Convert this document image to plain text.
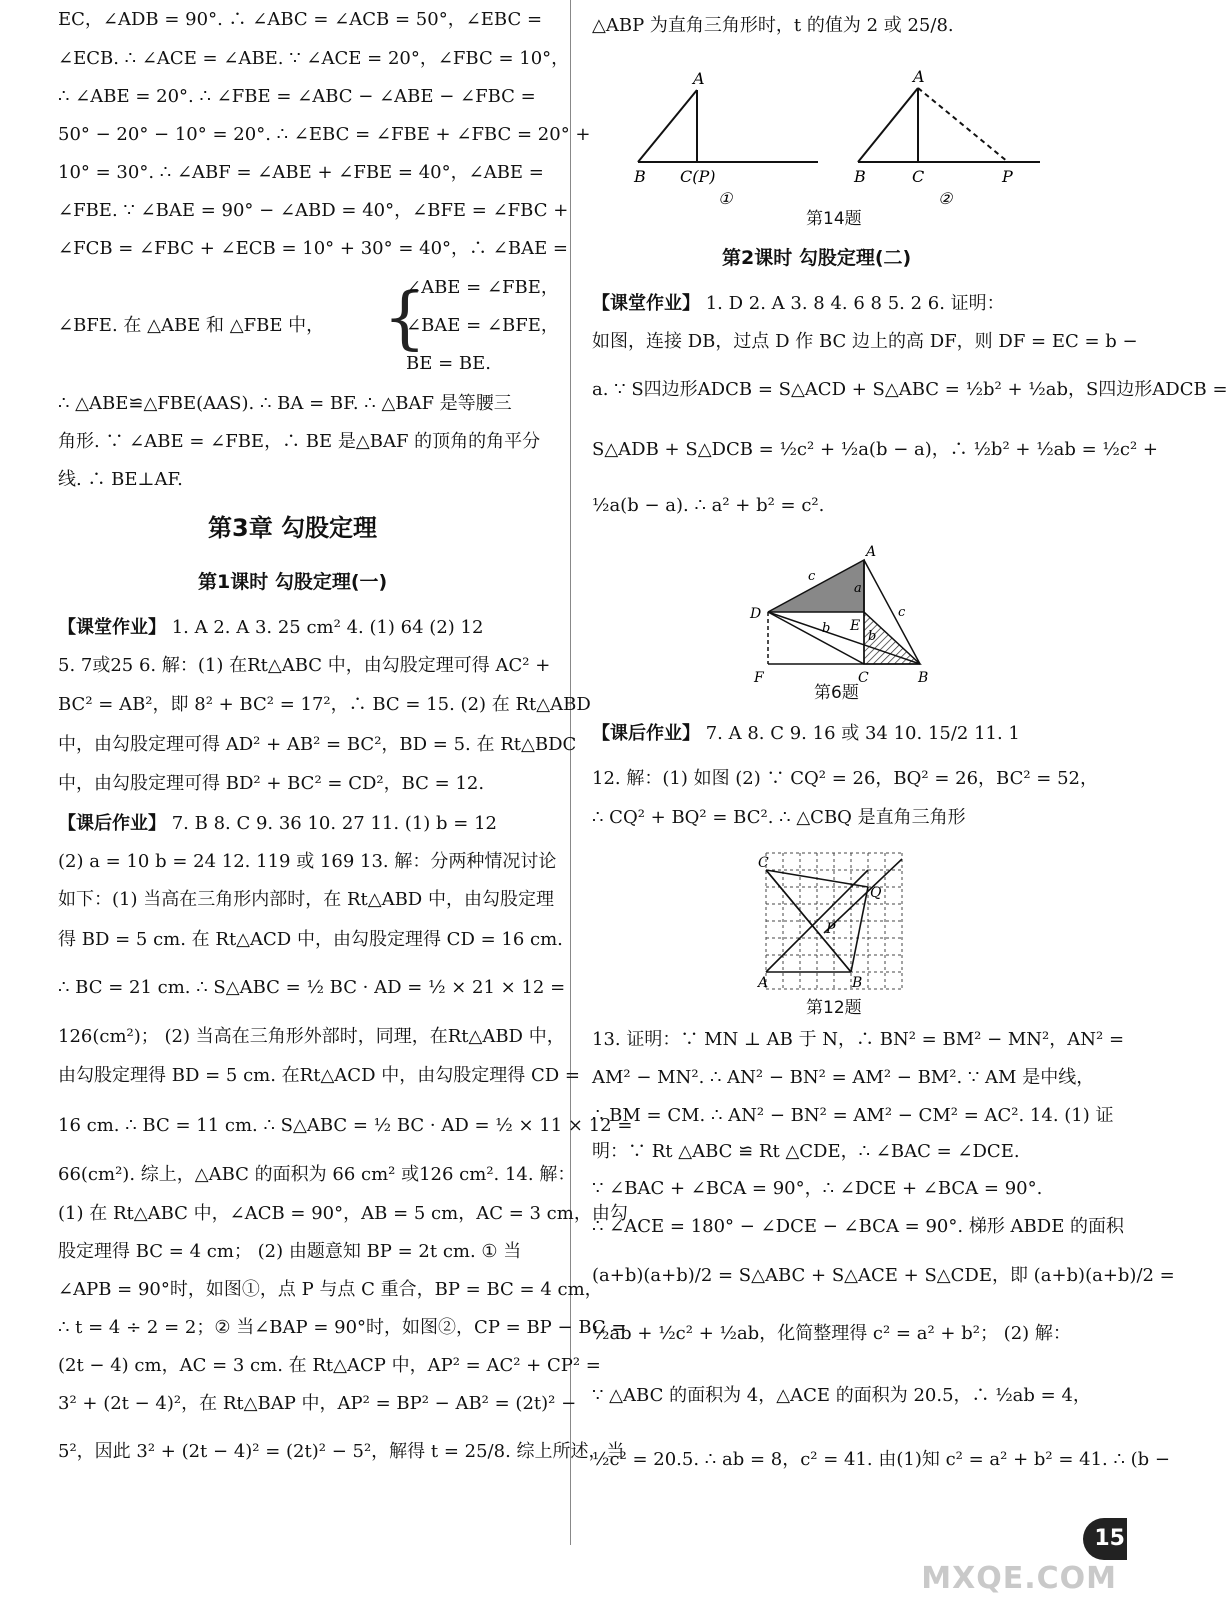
EC，∠ADB = 90°. ∴ ∠ABC = ∠ACB = 50°，∠EBC =
∠ECB. ∴ ∠ACE = ∠ABE. ∵ ∠ACE = 20°，∠FBC = 10°，
∴ ∠ABE = 20°. ∴ ∠FBE = ∠ABC − ∠ABE − ∠FBC =
50° − 20° − 10° = 20°. ∴ ∠EBC = ∠FBE + ∠FBC = 20° +
10° = 30°. ∴ ∠ABF = ∠ABE + ∠FBE = 40°，∠ABE =
∠FBE. ∵ ∠BAE = 90° − ∠ABD = 40°，∠BFE = ∠FBC +
∠FCB = ∠FBC + ∠ECB = 10° + 30° = 40°，∴ ∠BAE =
∠BFE. 在 △ABE 和 △FBE 中， {
∠ABE = ∠FBE，
∠BAE = ∠BFE，
BE = BE.
∴ △ABE≌△FBE(AAS). ∴ BA = BF. ∴ △BAF 是等腰三
角形. ∵ ∠ABE = ∠FBE，∴ BE 是△BAF 的顶角的角平分
线. ∴ BE⊥AF.
第3章 勾股定理
第1课时 勾股定理(一)
【课堂作业】 1. A 2. A 3. 25 cm² 4. (1) 64 (2) 12
5. 7或25 6. 解：(1) 在Rt△ABC 中，由勾股定理可得 AC² +
BC² = AB²，即 8² + BC² = 17²，∴ BC = 15. (2) 在 Rt△ABD
中，由勾股定理可得 AD² + AB² = BC²，BD = 5. 在 Rt△BDC
中，由勾股定理可得 BD² + BC² = CD²，BC = 12.
【课后作业】 7. B 8. C 9. 36 10. 27 11. (1) b = 12
(2) a = 10 b = 24 12. 119 或 169 13. 解：分两种情况讨论
如下：(1) 当高在三角形内部时，在 Rt△ABD 中，由勾股定理
得 BD = 5 cm. 在 Rt△ACD 中，由勾股定理得 CD = 16 cm.
∴ BC = 21 cm. ∴ S△ABC = ½ BC · AD = ½ × 21 × 12 =
126(cm²)； (2) 当高在三角形外部时，同理，在Rt△ABD 中，
由勾股定理得 BD = 5 cm. 在Rt△ACD 中，由勾股定理得 CD =
16 cm. ∴ BC = 11 cm. ∴ S△ABC = ½ BC · AD = ½ × 11 × 12 =
66(cm²). 综上，△ABC 的面积为 66 cm² 或126 cm². 14. 解：
(1) 在 Rt△ABC 中，∠ACB = 90°，AB = 5 cm，AC = 3 cm，由勾
股定理得 BC = 4 cm； (2) 由题意知 BP = 2t cm. ① 当
∠APB = 90°时，如图①，点 P 与点 C 重合，BP = BC = 4 cm，
∴ t = 4 ÷ 2 = 2；② 当∠BAP = 90°时，如图②，CP = BP − BC =
(2t − 4) cm，AC = 3 cm. 在 Rt△ACP 中，AP² = AC² + CP² =
3² + (2t − 4)²，在 Rt△BAP 中，AP² = BP² − AB² = (2t)² −
5²，因此 3² + (2t − 4)² = (2t)² − 5²，解得 t = 25/8. 综上所述，当
△ABP 为直角三角形时，t 的值为 2 或 25/8.
A
B C(P)
①
A
B	C	P
②
第14题
第2课时 勾股定理(二)
【课堂作业】 1. D 2. A 3. 8 4. 6 8 5. 2 6. 证明：
如图，连接 DB，过点 D 作 BC 边上的高 DF，则 DF = EC = b −
a. ∵ S四边形ADCB = S△ACD + S△ABC = ½b² + ½ab，S四边形ADCB =
S△ADB + S△DCB = ½c² + ½a(b − a)，∴ ½b² + ½ab = ½c² +
½a(b − a). ∴ a² + b² = c².
A
D
c
a
c
b E
b
F	C	B
第6题
【课后作业】 7. A 8. C 9. 16 或 34 10. 15/2 11. 1
12. 解：(1) 如图 (2) ∵ CQ² = 26，BQ² = 26，BC² = 52，
∴ CQ² + BQ² = BC². ∴ △CBQ 是直角三角形
C
Q
P
A	B
第12题
13. 证明：∵ MN ⊥ AB 于 N，∴ BN² = BM² − MN²，AN² =
AM² − MN². ∴ AN² − BN² = AM² − BM². ∵ AM 是中线，
∴ BM = CM. ∴ AN² − BN² = AM² − CM² = AC². 14. (1) 证
明：∵ Rt △ABC ≌ Rt △CDE，∴ ∠BAC = ∠DCE.
∵ ∠BAC + ∠BCA = 90°，∴ ∠DCE + ∠BCA = 90°.
∴ ∠ACE = 180° − ∠DCE − ∠BCA = 90°. 梯形 ABDE 的面积
(a+b)(a+b)/2 = S△ABC + S△ACE + S△CDE，即 (a+b)(a+b)/2 =
½ab + ½c² + ½ab，化简整理得 c² = a² + b²； (2) 解：
∵ △ABC 的面积为 4，△ACE 的面积为 20.5，∴ ½ab = 4，
½c² = 20.5. ∴ ab = 8，c² = 41. 由(1)知 c² = a² + b² = 41. ∴ (b −
15
MXQE.COM
